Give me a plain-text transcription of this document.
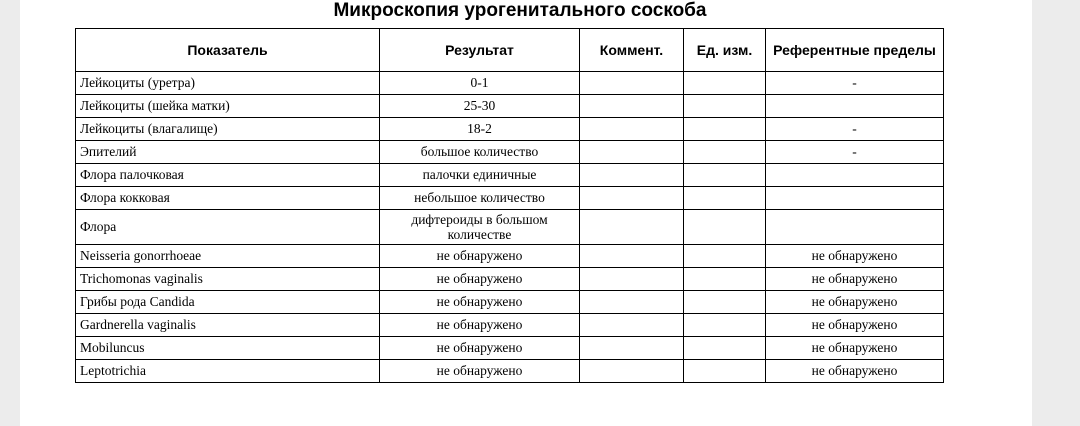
Микроскопия урогенитального соскоба
Показатель	Результат	Коммент.	Ед. изм.	Референтные пределы
Лейкоциты (уретра)	0-1			-
Лейкоциты (шейка матки)	25-30			
Лейкоциты (влагалище)	18-2			-
Эпителий	большое количество			-
Флора палочковая	палочки единичные			
Флора кокковая	небольшое количество			
Флора	дифтероиды в большом количестве			
Neisseria gonorrhoeae	не обнаружено			не обнаружено
Trichomonas vaginalis	не обнаружено			не обнаружено
Грибы рода Candida	не обнаружено			не обнаружено
Gardnerella vaginalis	не обнаружено			не обнаружено
Mobiluncus	не обнаружено			не обнаружено
Leptotrichia	не обнаружено			не обнаружено
